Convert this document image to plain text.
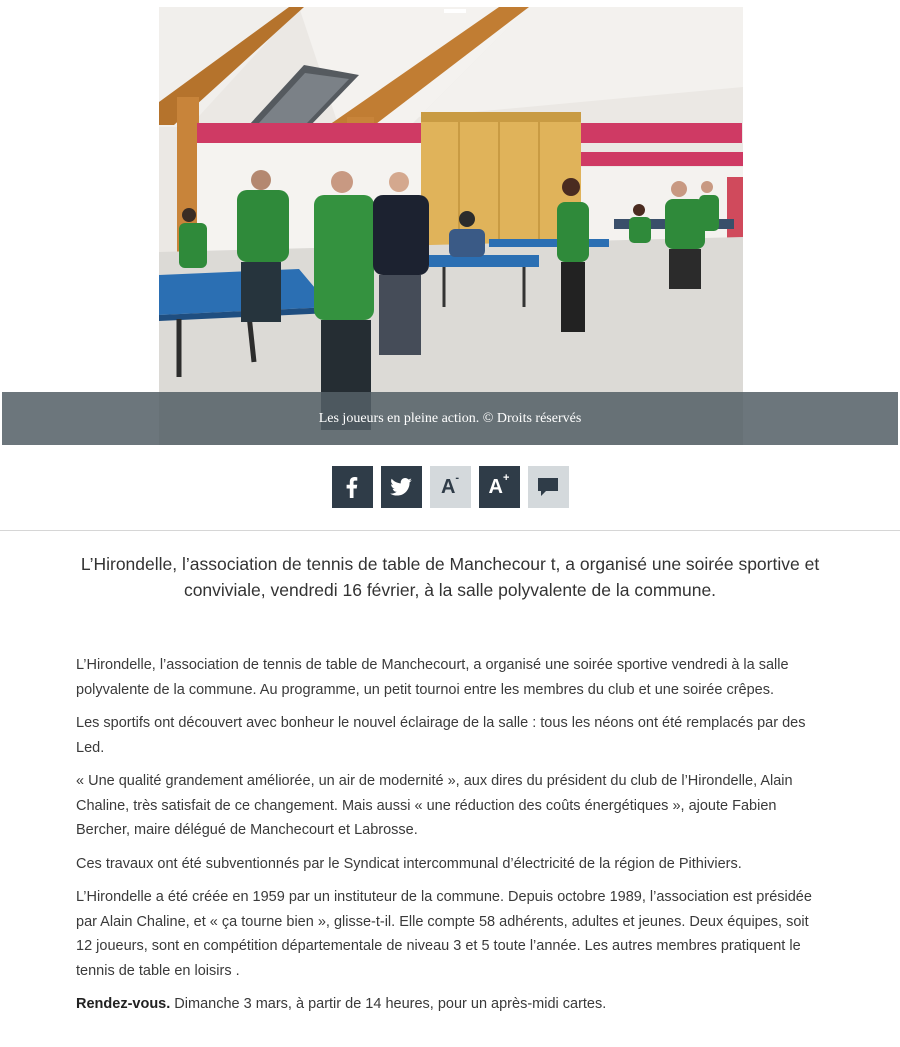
Les joueurs en pleine action. © Droits réservés
A- A+

L’Hirondelle, l’association de tennis de table de Manchecour t, a organisé une soirée sportive et conviviale, vendredi 16 février, à la salle polyvalente de la commune.

L’Hirondelle, l’association de tennis de table de Manchecourt, a organisé une soirée sportive vendredi à la salle polyvalente de la commune. Au programme, un petit tournoi entre les membres du club et une soirée crêpes.

Les sportifs ont découvert avec bonheur le nouvel éclairage de la salle : tous les néons ont été remplacés par des Led.

« Une qualité grandement améliorée, un air de modernité », aux dires du président du club de l’Hirondelle, Alain Chaline, très satisfait de ce changement. Mais aussi « une réduction des coûts énergétiques », ajoute Fabien Bercher, maire délégué de Manchecourt et Labrosse.

Ces travaux ont été subventionnés par le Syndicat intercommunal d’électricité de la région de Pithiviers.

L’Hirondelle a été créée en 1959 par un instituteur de la commune. Depuis octobre 1989, l’association est présidée par Alain Chaline, et « ça tourne bien », glisse-t-il. Elle compte 58 adhérents, adultes et jeunes. Deux équipes, soit 12 joueurs, sont en compétition départementale de niveau 3 et 5 toute l’année. Les autres membres pratiquent le tennis de table en loisirs .

Rendez-vous. Dimanche 3 mars, à partir de 14 heures, pour un après-midi cartes.
